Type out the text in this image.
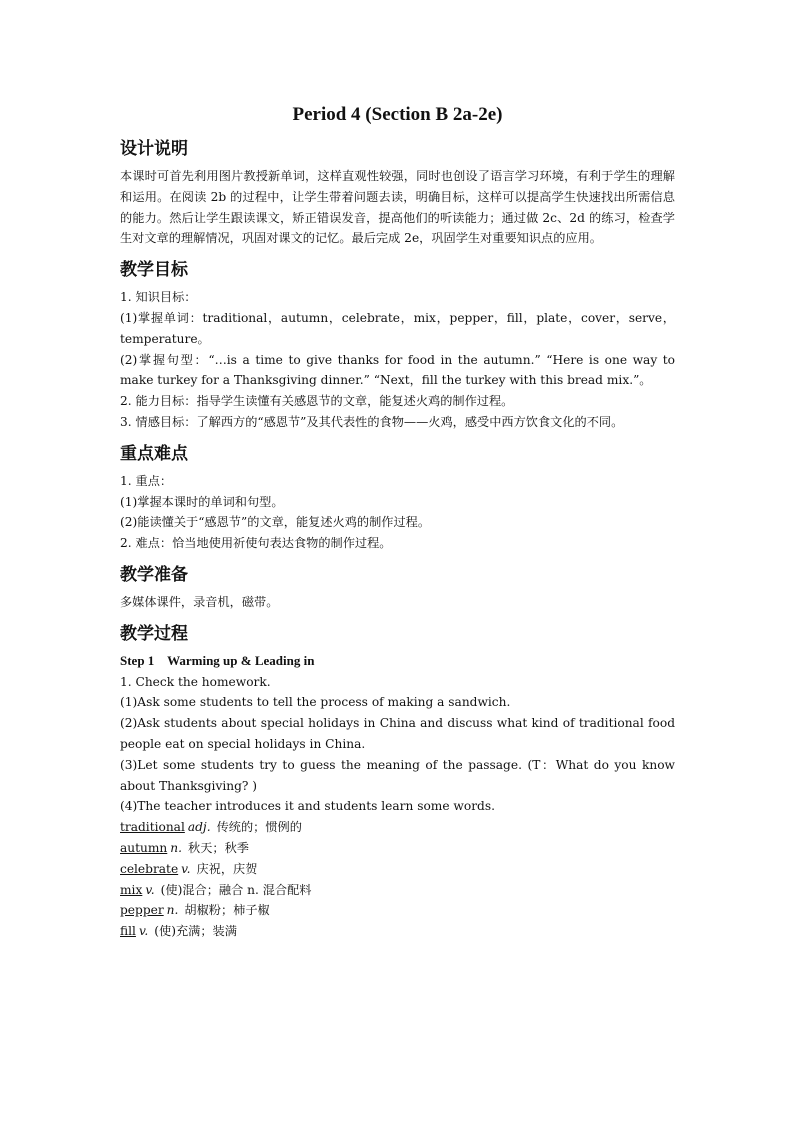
Period 4 (Section B 2a-2e)
设计说明

本课时可首先利用图片教授新单词，这样直观性较强，同时也创设了语言学习环境，有利于学生的理解和运用。在阅读 2b 的过程中，让学生带着问题去读，明确目标，这样可以提高学生快速找出所需信息的能力。然后让学生跟读课文，矫正错误发音，提高他们的听读能力；通过做 2c、2d 的练习，检查学生对文章的理解情况，巩固对课文的记忆。最后完成 2e，巩固学生对重要知识点的应用。

教学目标

1. 知识目标：

(1)掌握单词：traditional，autumn，celebrate，mix，pepper，fill，plate，cover，serve，temperature。

(2)掌握句型：“…is a time to give thanks for food in the autumn.” “Here is one way to make turkey for a Thanksgiving dinner.” “Next，fill the turkey with this bread mix.”。

2. 能力目标：指导学生读懂有关感恩节的文章，能复述火鸡的制作过程。

3. 情感目标：了解西方的“感恩节”及其代表性的食物——火鸡，感受中西方饮食文化的不同。

重点难点

1. 重点：

(1)掌握本课时的单词和句型。

(2)能读懂关于“感恩节”的文章，能复述火鸡的制作过程。

2. 难点：恰当地使用祈使句表达食物的制作过程。

教学准备

多媒体课件，录音机，磁带。

教学过程

Step 1    Warming up & Leading in

1. Check the homework.

(1)Ask some students to tell the process of making a sandwich.

(2)Ask students about special holidays in China and discuss what kind of traditional food people eat on special holidays in China.

(3)Let some students try to guess the meaning of the passage. (T：What do you know about Thanksgiving? )

(4)The teacher introduces it and students learn some words.

traditional adj. 传统的；惯例的

autumn n. 秋天；秋季

celebrate v. 庆祝，庆贺

mix v. (使)混合；融合 n. 混合配料

pepper n. 胡椒粉；柿子椒

fill v. (使)充满；装满
